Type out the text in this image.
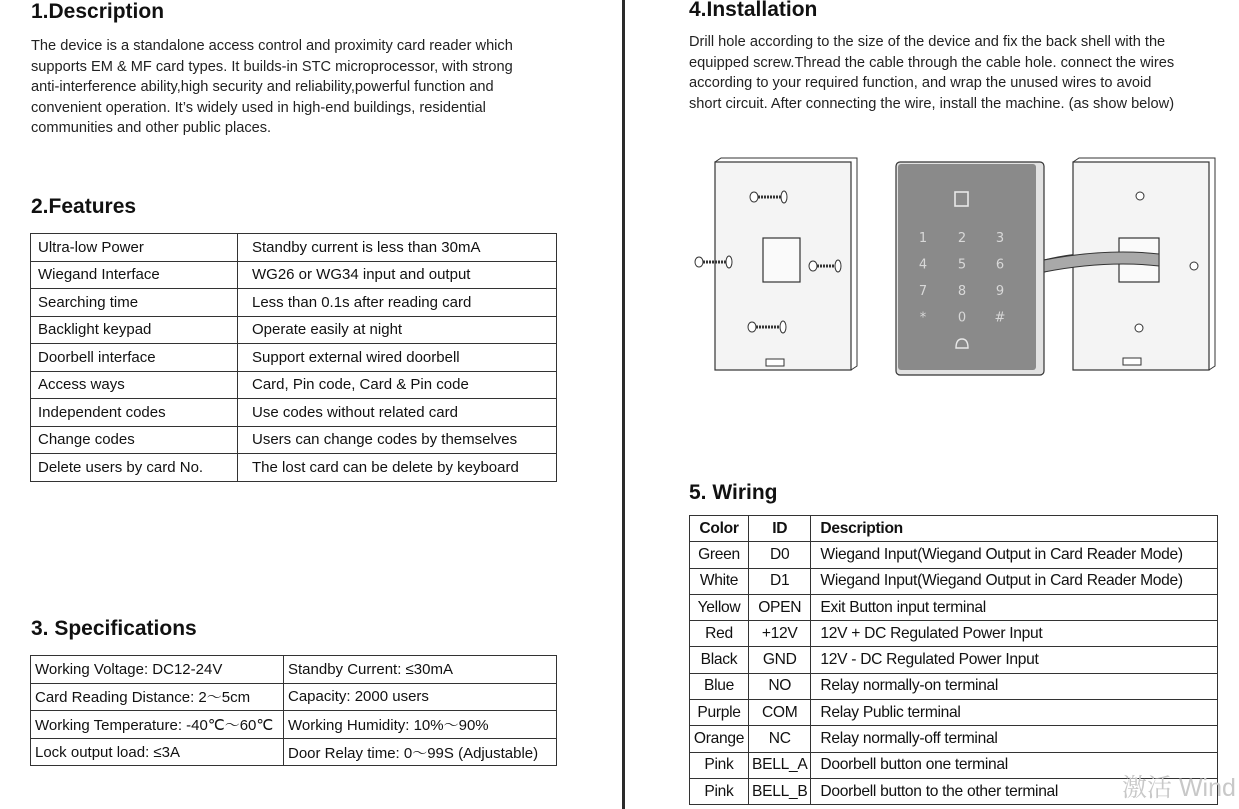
1.Description
The device is a standalone access control and proximity card reader which
supports EM & MF card types. It builds-in STC microprocessor, with strong
anti-interference ability,high security and reliability,powerful function and
convenient operation. It’s widely used in high-end buildings, residential
communities and other public places.
2.Features
Ultra-low Power	Standby current is less than 30mA
Wiegand Interface	WG26 or WG34 input and output
Searching time	Less than 0.1s after reading card
Backlight keypad	Operate easily at night
Doorbell interface	Support external wired doorbell
Access ways	Card, Pin code, Card & Pin code
Independent codes	Use codes without related card
Change codes	Users can change codes by themselves
Delete users by card No.	The lost card can be delete by keyboard
3. Specifications
Working Voltage: DC12-24V	Standby Current: ≤30mA
Card Reading Distance: 2～5cm	Capacity: 2000 users
Working Temperature: -40℃～60℃	Working Humidity: 10%～90%
Lock output load: ≤3A	Door Relay time: 0～99S (Adjustable)
4.Installation
Drill hole according to the size of the device and fix the back shell with the
equipped screw.Thread the cable through the cable hole. connect the wires
according to your required function, and wrap the unused wires to avoid
short circuit. After connecting the wire, install the machine. (as show below)
1 2 3
4 5 6
7 8 9
* 0 #
5. Wiring
Color	ID	Description
Green	D0	Wiegand Input(Wiegand Output in Card Reader Mode)
White	D1	Wiegand Input(Wiegand Output in Card Reader Mode)
Yellow	OPEN	Exit Button input terminal
Red	+12V	12V + DC Regulated Power Input
Black	GND	12V - DC Regulated Power Input
Blue	NO	Relay normally-on terminal
Purple	COM	Relay Public terminal
Orange	NC	Relay normally-off terminal
Pink	BELL_A	Doorbell button one terminal
Pink	BELL_B	Doorbell button to the other terminal	激活 Wind
